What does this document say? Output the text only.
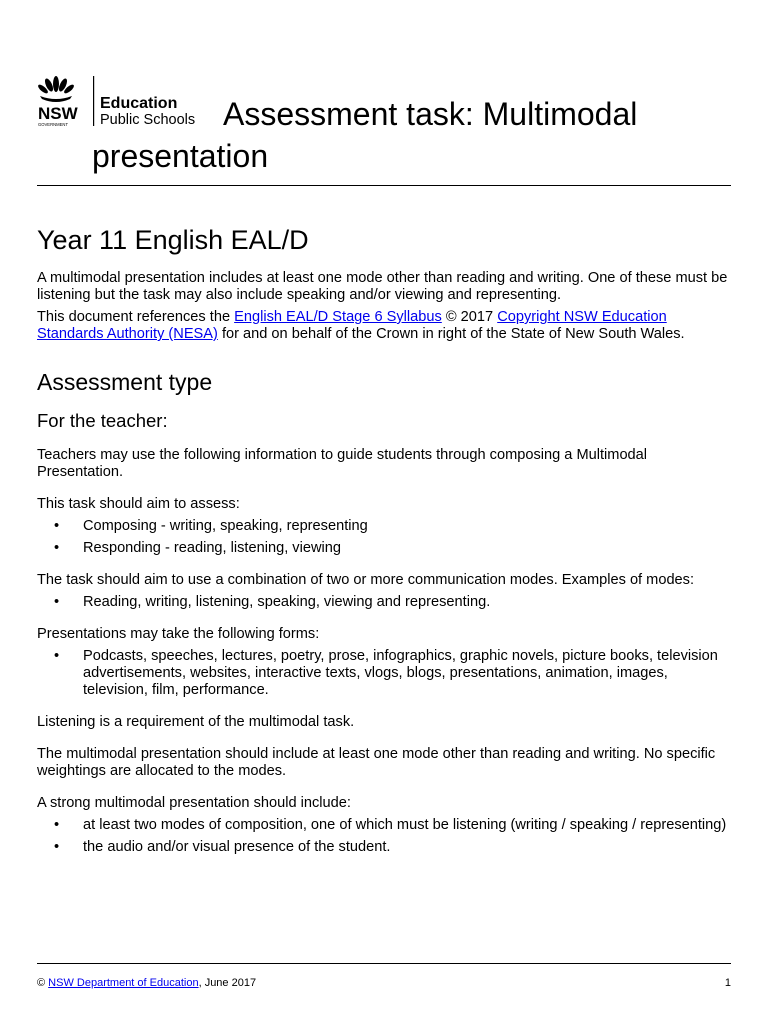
NSW
GOVERNMENT
Education
Public Schools Assessment task: Multimodal
presentation
Year 11 English EAL/D

A multimodal presentation includes at least one mode other than reading and writing. One of these must be listening but the task may also include speaking and/or viewing and representing.

This document references the English EAL/D Stage 6 Syllabus © 2017 Copyright NSW Education Standards Authority (NESA) for and on behalf of the Crown in right of the State of New South Wales.

Assessment type
For the teacher:

Teachers may use the following information to guide students through composing a Multimodal Presentation.

This task should aim to assess:

• Composing - writing, speaking, representing
• Responding - reading, listening, viewing

The task should aim to use a combination of two or more communication modes. Examples of modes:

• Reading, writing, listening, speaking, viewing and representing.

Presentations may take the following forms:

• Podcasts, speeches, lectures, poetry, prose, infographics, graphic novels, picture books, television advertisements, websites, interactive texts, vlogs, blogs, presentations, animation, images, television, film, performance.

Listening is a requirement of the multimodal task.

The multimodal presentation should include at least one mode other than reading and writing. No specific weightings are allocated to the modes.

A strong multimodal presentation should include:

• at least two modes of composition, one of which must be listening (writing / speaking / representing)
• the audio and/or visual presence of the student.
© NSW Department of Education, June 2017	1
